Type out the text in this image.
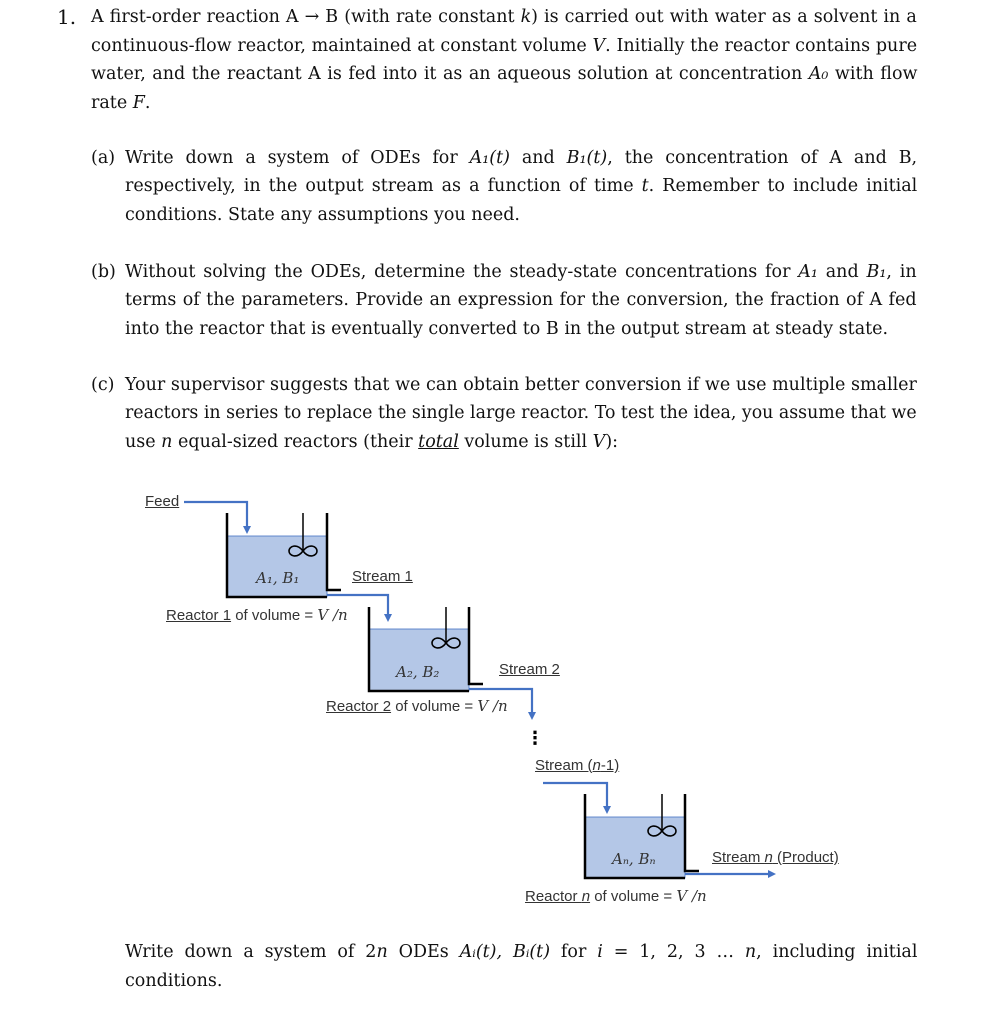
1. A first-order reaction A → B (with rate constant k) is carried out with water as a solvent in a
continuous-flow reactor, maintained at constant volume V. Initially the reactor contains pure
water, and the reactant A is fed into it as an aqueous solution at concentration A₀ with flow
rate F.
(a) Write down a system of ODEs for A₁(t) and B₁(t), the concentration of A and B,
respectively, in the output stream as a function of time t. Remember to include initial
conditions. State any assumptions you need.
(b) Without solving the ODEs, determine the steady-state concentrations for A₁ and B₁, in
terms of the parameters. Provide an expression for the conversion, the fraction of A fed
into the reactor that is eventually converted to B in the output stream at steady state.
(c) Your supervisor suggests that we can obtain better conversion if we use multiple smaller
reactors in series to replace the single large reactor. To test the idea, you assume that we
use n equal-sized reactors (their total volume is still V):
Write down a system of 2n ODEs Aᵢ(t), Bᵢ(t) for i = 1, 2, 3 … n, including initial
conditions.
Feed
A₁, B₁	Stream 1
Reactor 1 of volume = V /n
A₂, B₂	Stream 2
Reactor 2 of volume = V /n
⋮
Stream (n-1)
Aₙ, Bₙ	Stream n (Product)
Reactor n of volume = V /n
